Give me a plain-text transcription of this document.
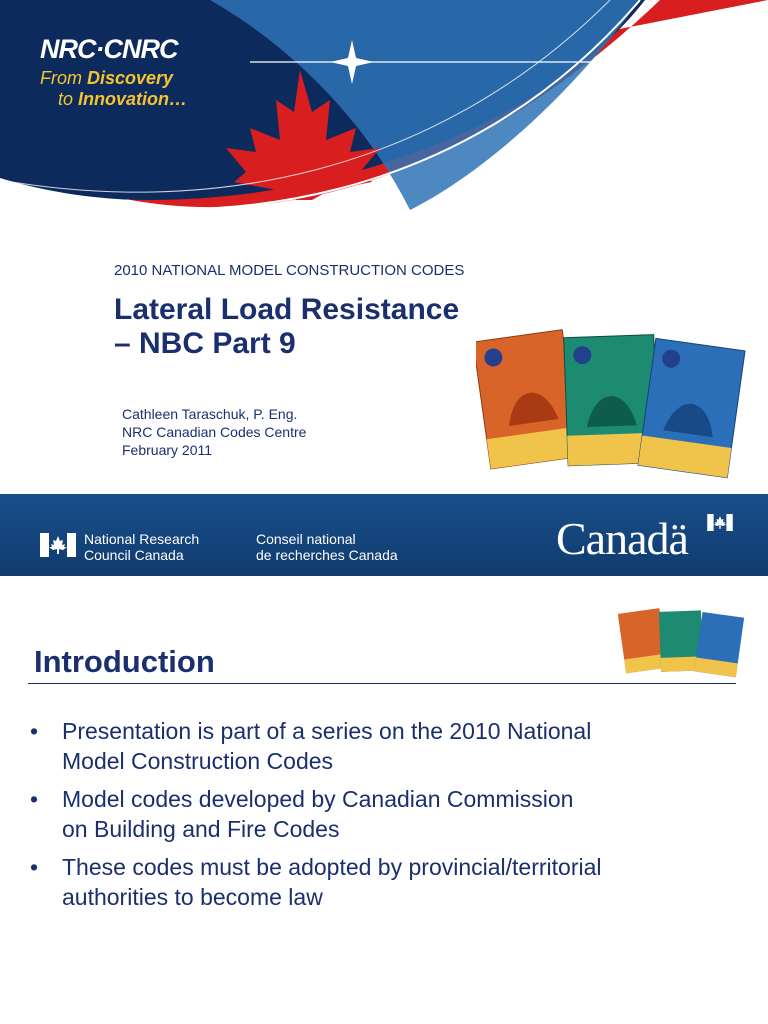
NRC·CNRC
From Discovery
to Innovation…
2010 NATIONAL MODEL CONSTRUCTION CODES
Lateral Load Resistance
– NBC Part 9
Cathleen Taraschuk, P. Eng.
NRC Canadian Codes Centre
February 2011
National Research
Council Canada
Conseil national
de recherches Canada	Canadä
Introduction
• Presentation is part of a series on the 2010 National
Model Construction Codes
• Model codes developed by Canadian Commission
on Building and Fire Codes
• These codes must be adopted by provincial/territorial
authorities to become law
